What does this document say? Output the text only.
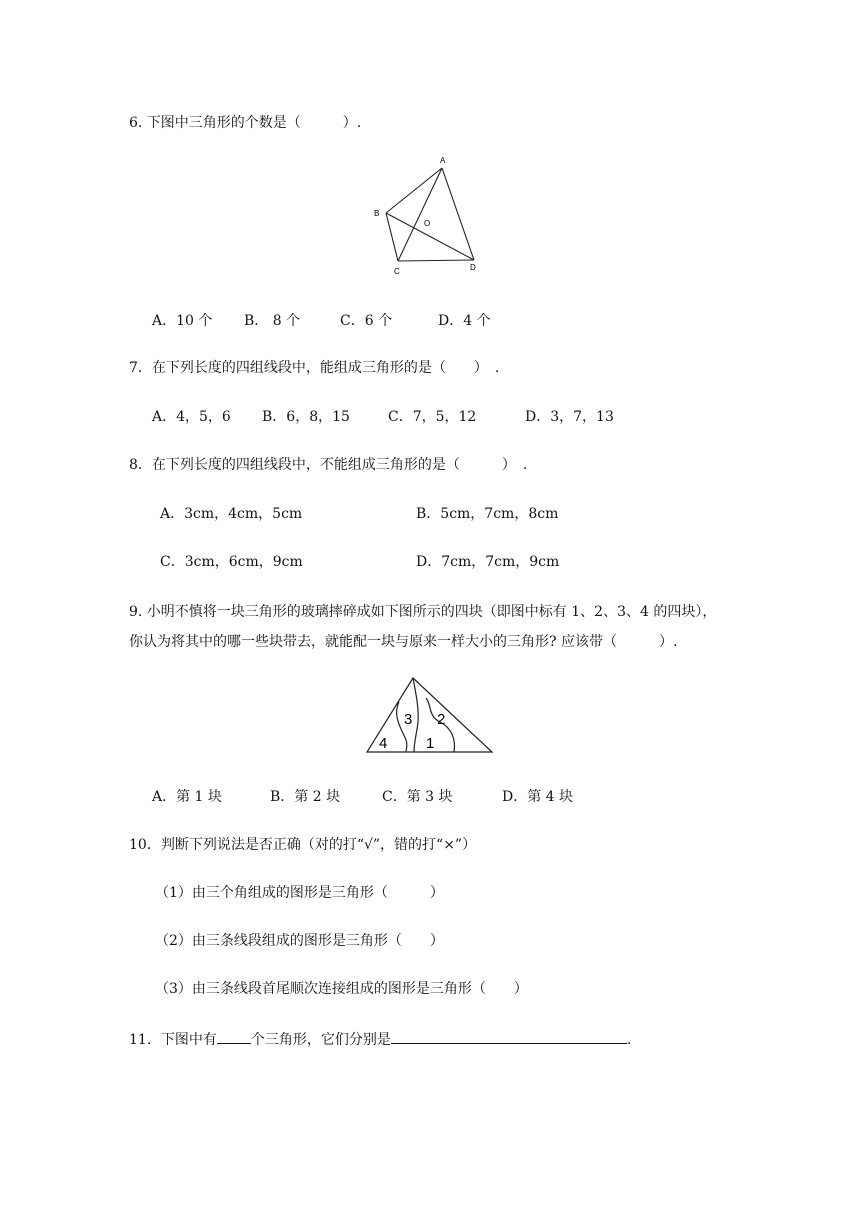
6. 下图中三角形的个数是（　　　）.
A
B
C	D
O
A．10 个 B． 8 个	C．6 个	D．4 个
7．在下列长度的四组线段中，能组成三角形的是（　　）　.
A．4，5，6 B．6，8，15	C．7，5，12	D．3，7，13
8．在下列长度的四组线段中，不能组成三角形的是（　　　）　.
A．3cm，4cm，5cm	B．5cm，7cm，8cm
C．3cm，6cm，9cm	D．7cm，7cm，9cm
9. 小明不慎将一块三角形的玻璃摔碎成如下图所示的四块（即图中标有 1、2、3、4 的四块），
你认为将其中的哪一些块带去，就能配一块与原来一样大小的三角形? 应该带（　　　）.
3 2
4	1
A．第 1 块	B．第 2 块	C．第 3 块	D．第 4 块
10．判断下列说法是否正确（对的打“√”，错的打“×”）
（1）由三个角组成的图形是三角形（　　　）
（2）由三条线段组成的图形是三角形（　　）
（3）由三条线段首尾顺次连接组成的图形是三角形（　　）
11．下图中有 个三角形，它们分别是	.
